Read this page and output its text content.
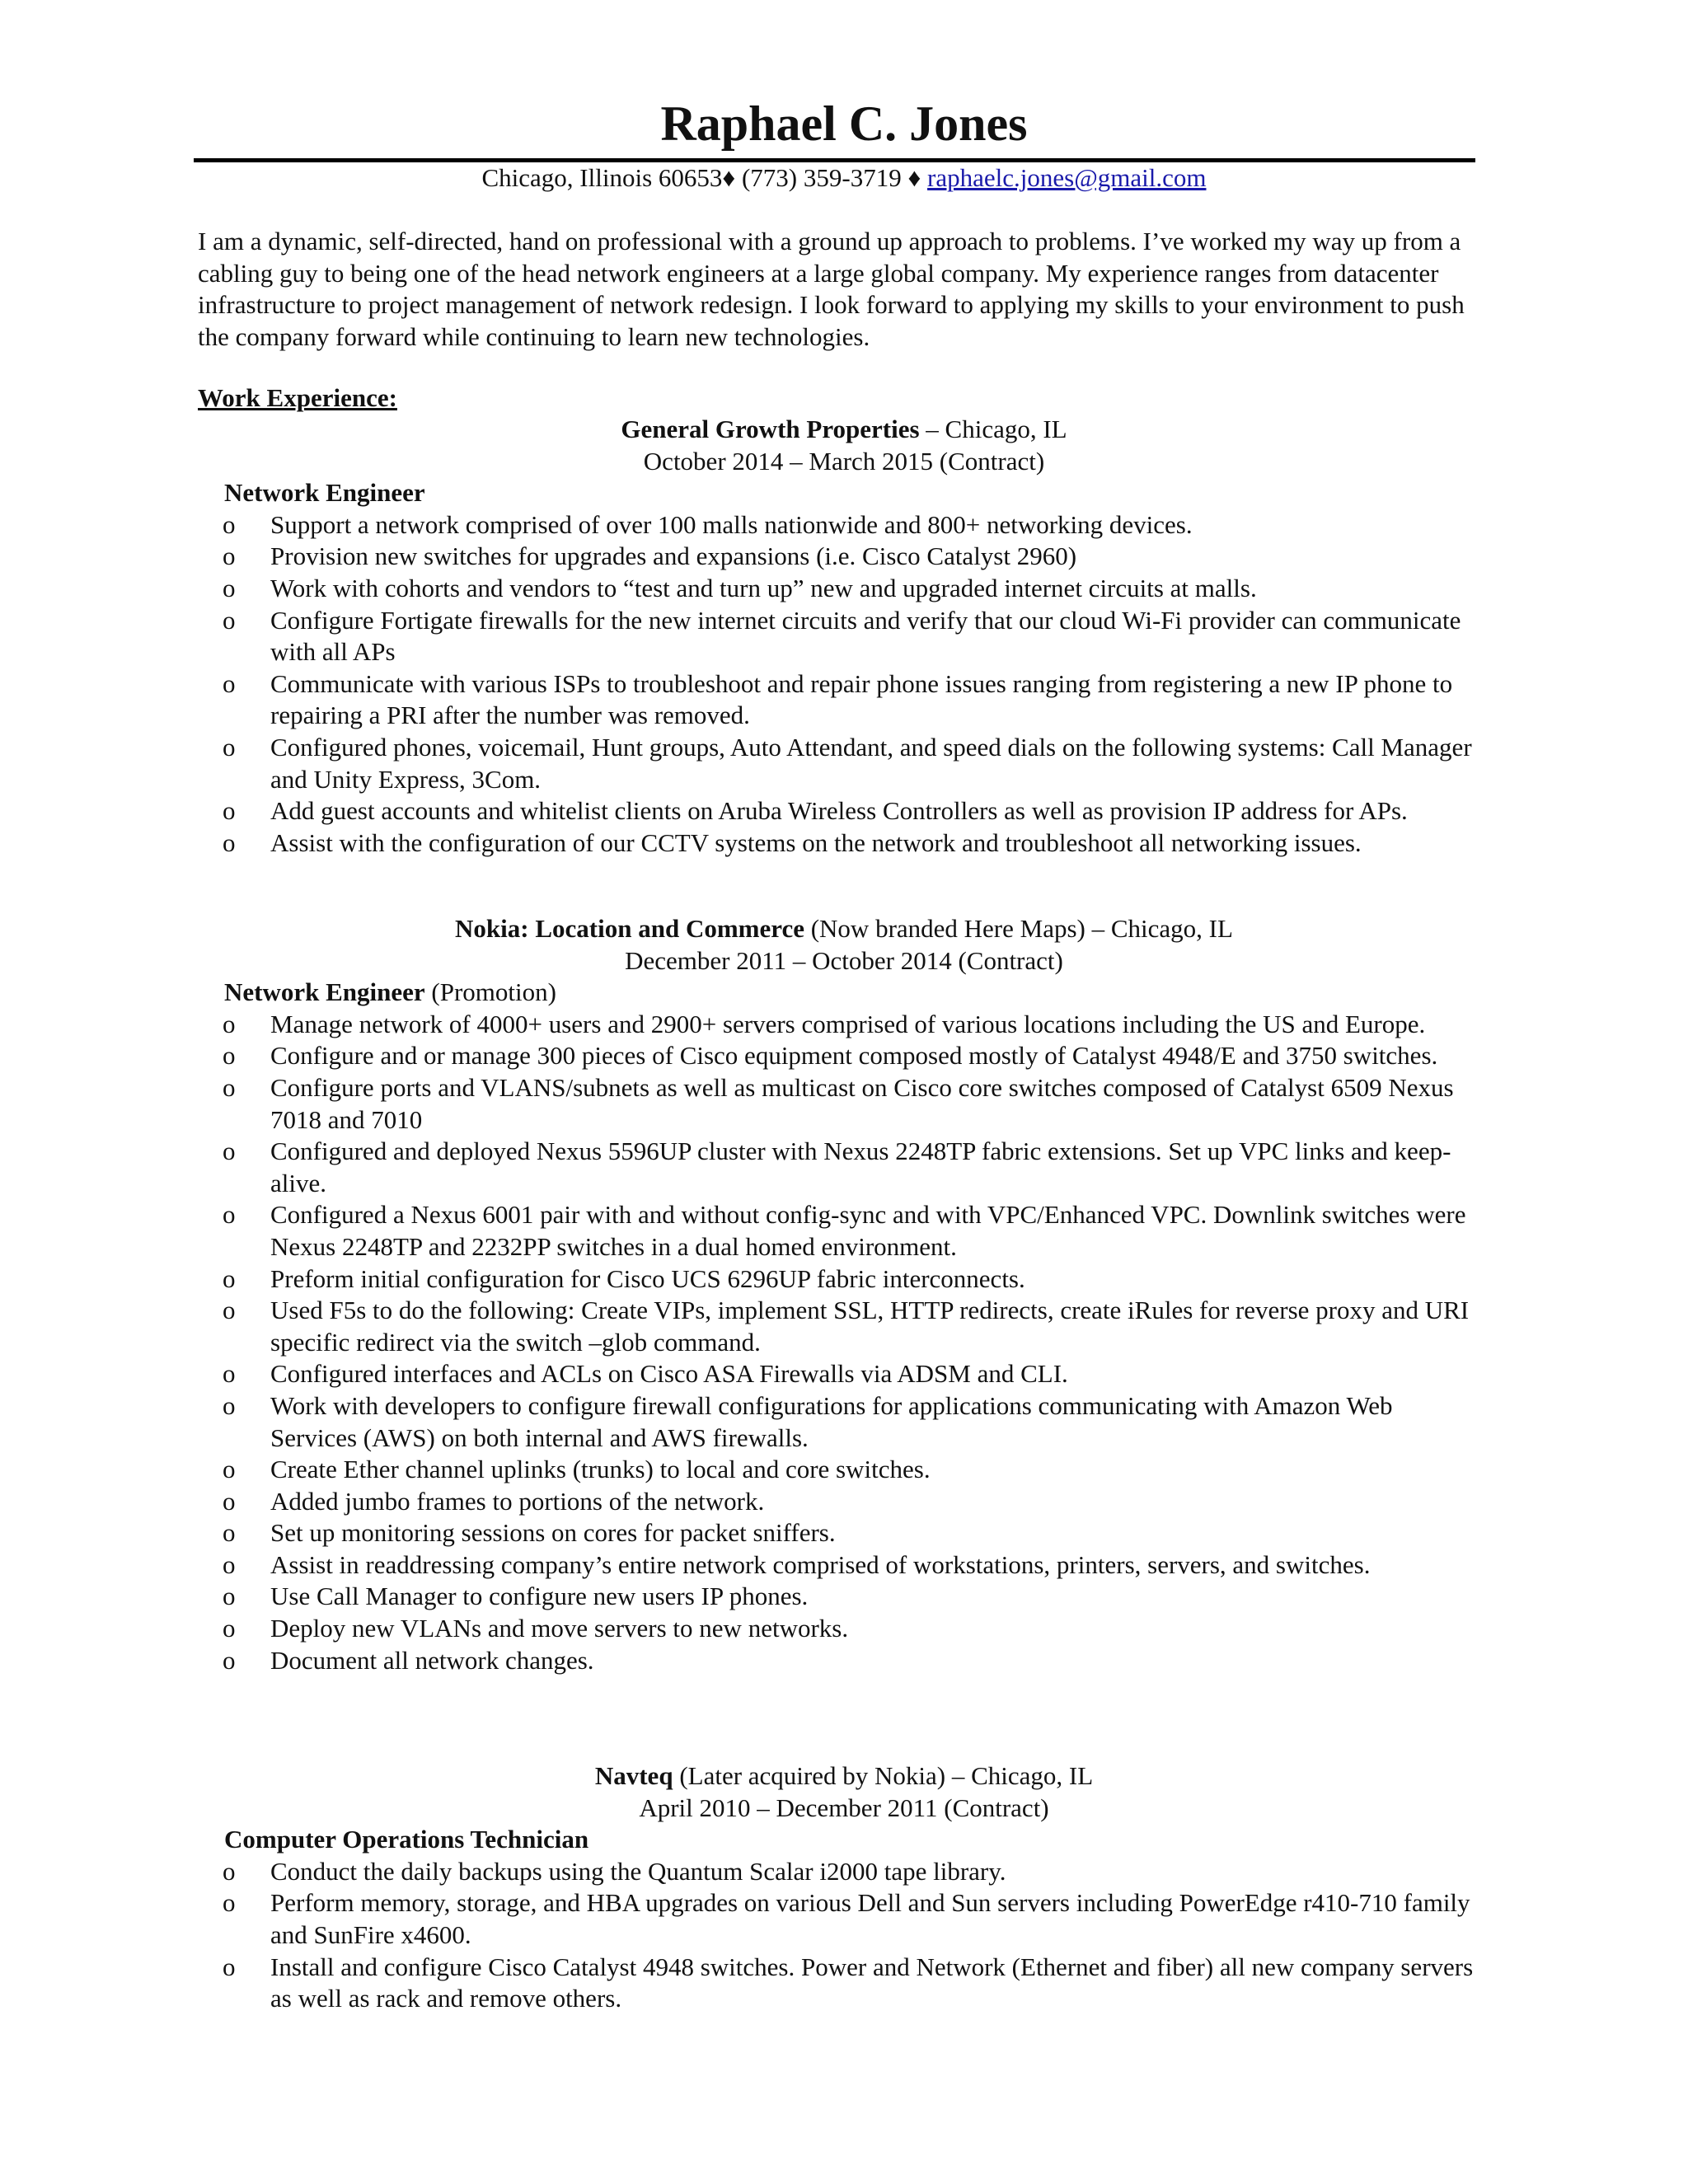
Raphael C. Jones
Chicago, Illinois 60653♦ (773) 359-3719 ♦ raphaelc.jones@gmail.com

I am a dynamic, self-directed, hand on professional with a ground up approach to problems. I’ve worked my way up from a cabling guy to being one of the head network engineers at a large global company. My experience ranges from datacenter infrastructure to project management of network redesign. I look forward to applying my skills to your environment to push the company forward while continuing to learn new technologies.

Work Experience:
General Growth Properties – Chicago, IL
October 2014 – March 2015 (Contract)
Network Engineer
o Support a network comprised of over 100 malls nationwide and 800+ networking devices.
o Provision new switches for upgrades and expansions (i.e. Cisco Catalyst 2960)
o Work with cohorts and vendors to “test and turn up” new and upgraded internet circuits at malls.
o Configure Fortigate firewalls for the new internet circuits and verify that our cloud Wi-Fi provider can communicate with all APs
o Communicate with various ISPs to troubleshoot and repair phone issues ranging from registering a new IP phone to repairing a PRI after the number was removed.
o Configured phones, voicemail, Hunt groups, Auto Attendant, and speed dials on the following systems: Call Manager and Unity Express, 3Com.
o Add guest accounts and whitelist clients on Aruba Wireless Controllers as well as provision IP address for APs.
o Assist with the configuration of our CCTV systems on the network and troubleshoot all networking issues.
Nokia: Location and Commerce (Now branded Here Maps) – Chicago, IL
December 2011 – October 2014 (Contract)
Network Engineer (Promotion)
o Manage network of 4000+ users and 2900+ servers comprised of various locations including the US and Europe.
o Configure and or manage 300 pieces of Cisco equipment composed mostly of Catalyst 4948/E and 3750 switches.
o Configure ports and VLANS/subnets as well as multicast on Cisco core switches composed of Catalyst 6509 Nexus 7018 and 7010
o Configured and deployed Nexus 5596UP cluster with Nexus 2248TP fabric extensions. Set up VPC links and keep-alive.
o Configured a Nexus 6001 pair with and without config-sync and with VPC/Enhanced VPC. Downlink switches were Nexus 2248TP and 2232PP switches in a dual homed environment.
o Preform initial configuration for Cisco UCS 6296UP fabric interconnects.
o Used F5s to do the following: Create VIPs, implement SSL, HTTP redirects, create iRules for reverse proxy and URI specific redirect via the switch –glob command.
o Configured interfaces and ACLs on Cisco ASA Firewalls via ADSM and CLI.
o Work with developers to configure firewall configurations for applications communicating with Amazon Web Services (AWS) on both internal and AWS firewalls.
o Create Ether channel uplinks (trunks) to local and core switches.
o Added jumbo frames to portions of the network.
o Set up monitoring sessions on cores for packet sniffers.
o Assist in readdressing company’s entire network comprised of workstations, printers, servers, and switches.
o Use Call Manager to configure new users IP phones.
o Deploy new VLANs and move servers to new networks.
o Document all network changes.
Navteq (Later acquired by Nokia) – Chicago, IL
April 2010 – December 2011 (Contract)
Computer Operations Technician
o Conduct the daily backups using the Quantum Scalar i2000 tape library.
o Perform memory, storage, and HBA upgrades on various Dell and Sun servers including PowerEdge r410-710 family and SunFire x4600.
o Install and configure Cisco Catalyst 4948 switches. Power and Network (Ethernet and fiber) all new company servers as well as rack and remove others.
